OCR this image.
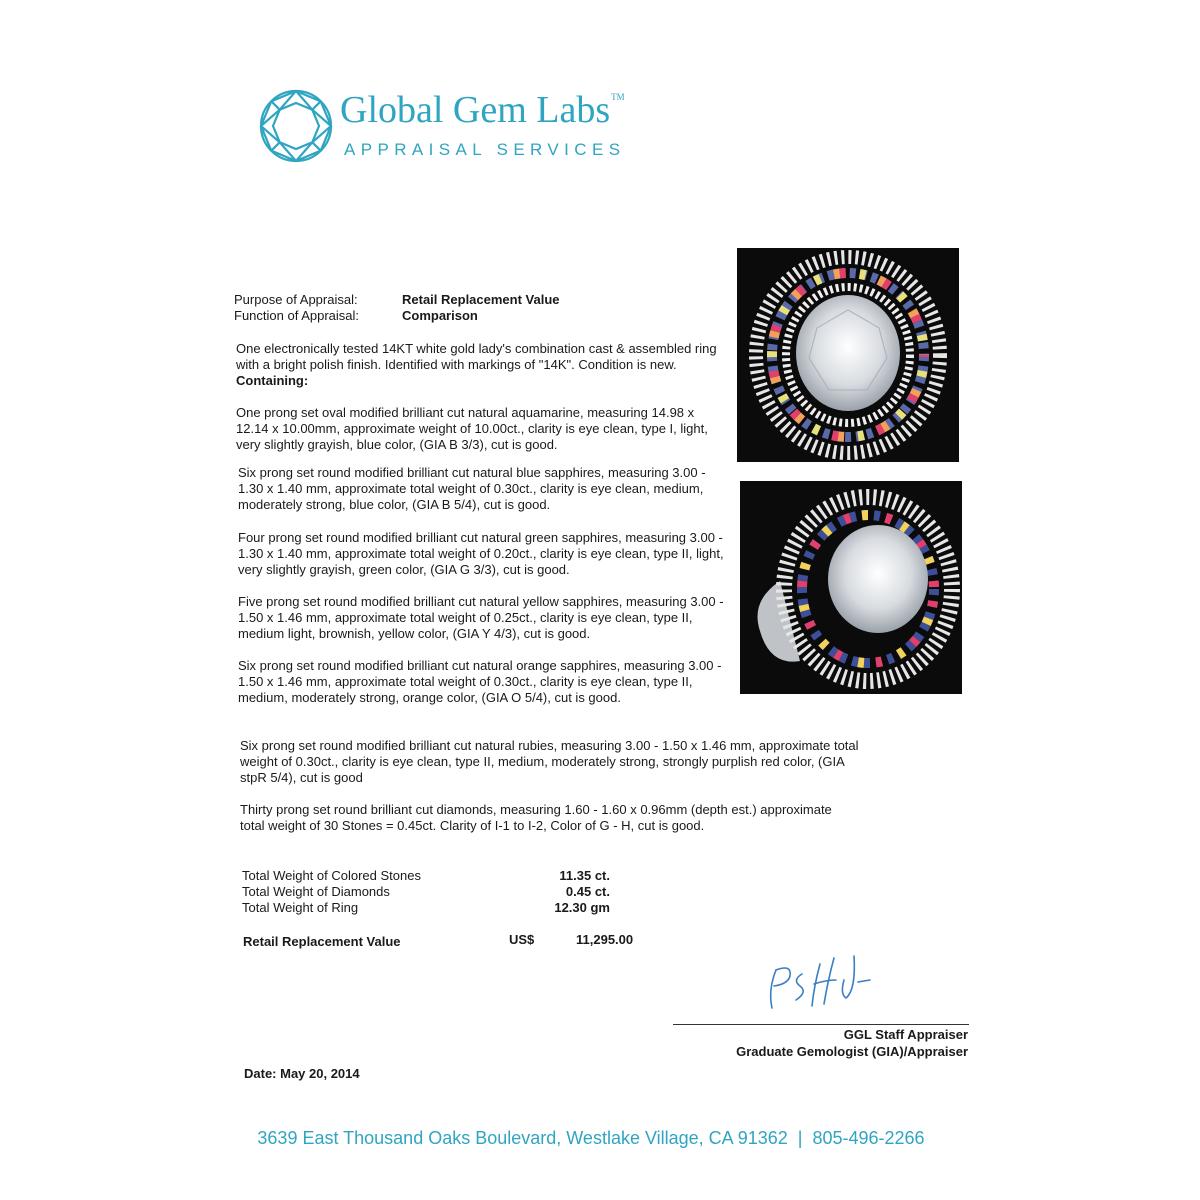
Global Gem Labs™
APPRAISAL SERVICES
Purpose of Appraisal:	Retail Replacement Value
Function of Appraisal:	Comparison

One electronically tested 14KT white gold lady's combination cast & assembled ring with a bright polish finish. Identified with markings of "14K". Condition is new. Containing:

One prong set oval modified brilliant cut natural aquamarine, measuring 14.98 x 12.14 x 10.00mm, approximate weight of 10.00ct., clarity is eye clean, type I, light, very slightly grayish, blue color, (GIA B 3/3), cut is good.

Six prong set round modified brilliant cut natural blue sapphires, measuring 3.00 - 1.30 x 1.40 mm, approximate total weight of 0.30ct., clarity is eye clean, medium, moderately strong, blue color, (GIA B 5/4), cut is good.

Four prong set round modified brilliant cut natural green sapphires, measuring 3.00 - 1.30 x 1.40 mm, approximate total weight of 0.20ct., clarity is eye clean, type II, light, very slightly grayish, green color, (GIA G 3/3), cut is good.

Five prong set round modified brilliant cut natural yellow sapphires, measuring 3.00 - 1.50 x 1.46 mm, approximate total weight of 0.25ct., clarity is eye clean, type II, medium light, brownish, yellow color, (GIA Y 4/3), cut is good.

Six prong set round modified brilliant cut natural orange sapphires, measuring 3.00 - 1.50 x 1.46 mm, approximate total weight of 0.30ct., clarity is eye clean, type II, medium, moderately strong, orange color, (GIA O 5/4), cut is good.

Six prong set round modified brilliant cut natural rubies, measuring 3.00 - 1.50 x 1.46 mm, approximate total weight of 0.30ct., clarity is eye clean, type II, medium, moderately strong, strongly purplish red color, (GIA stpR 5/4), cut is good

Thirty prong set round brilliant cut diamonds, measuring 1.60 - 1.60 x 0.96mm (depth est.) approximate total weight of 30 Stones = 0.45ct. Clarity of I-1 to I-2, Color of G - H, cut is good.

Total Weight of Colored Stones	11.35 ct.
Total Weight of Diamonds	0.45 ct.
Total Weight of Ring	12.30 gm
Retail Replacement Value	US$	11,295.00
GGL Staff Appraiser
Graduate Gemologist (GIA)/Appraiser
Date: May 20, 2014
3639 East Thousand Oaks Boulevard, Westlake Village, CA 91362 | 805-496-2266
